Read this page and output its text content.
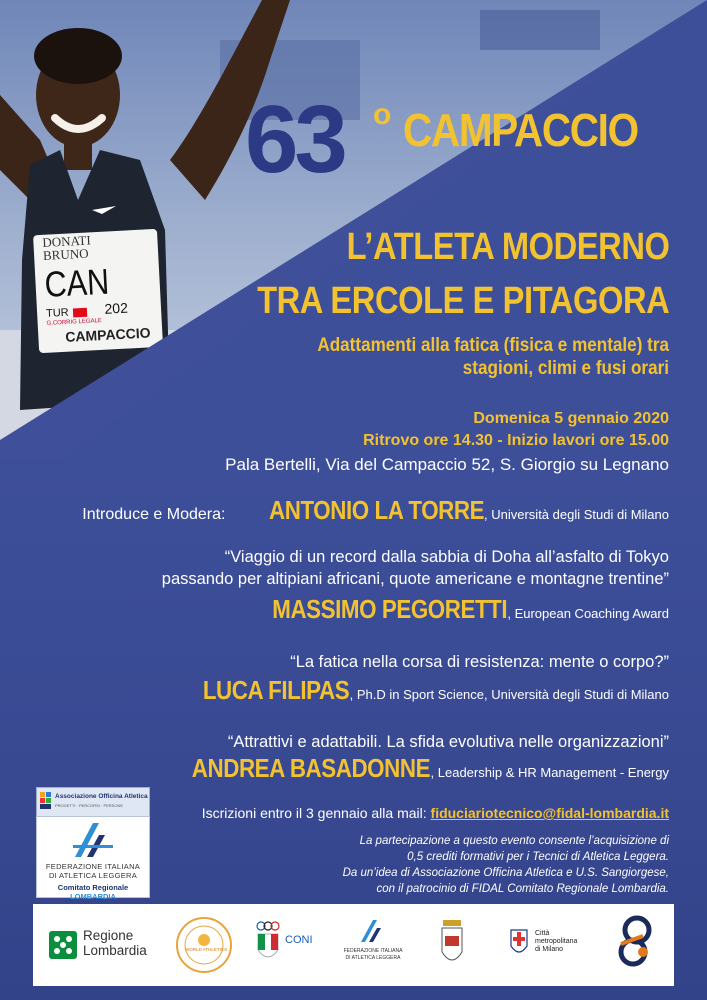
DONATI
BRUNO
CAN
TUR	202
G.CORRIG LEGALE
CAMPACCIO
63 o CAMPACCIO
L’ATLETA MODERNO
TRA ERCOLE E PITAGORA
Adattamenti alla fatica (fisica e mentale) tra
stagioni, climi e fusi orari
Domenica 5 gennaio 2020
Ritrovo ore 14.30 - Inizio lavori ore 15.00
Pala Bertelli, Via del Campaccio 52, S. Giorgio su Legnano
Introduce e Modera: ANTONIO LA TORRE, Università degli Studi di Milano
“Viaggio di un record dalla sabbia di Doha all’asfalto di Tokyo
passando per altipiani africani, quote americane e montagne trentine”
MASSIMO PEGORETTI, European Coaching Award
“La fatica nella corsa di resistenza: mente o corpo?”
LUCA FILIPAS, Ph.D in Sport Science, Università degli Studi di Milano
“Attrattivi e adattabili. La sfida evolutiva nelle organizzazioni”
ANDREA BASADONNE, Leadership & HR Management - Energy
Iscrizioni entro il 3 gennaio alla mail: fiduciariotecnico@fidal-lombardia.it
La partecipazione a questo evento consente l’acquisizione di
0,5 crediti formativi per i Tecnici di Atletica Leggera.
Da un’idea di Associazione Officina Atletica e U.S. Sangiorgese,
con il patrocinio di FIDAL Comitato Regionale Lombardia.
Associazione Officina Atletica
PROGETTI · PERCORSI · PERSONE
FEDERAZIONE ITALIANA
DI ATLETICA LEGGERA
Comitato Regionale LOMBARDIA
Regione
Lombardia	WORLD ATHLETICS
CONI
FEDERAZIONE ITALIANA
DI ATLETICA LEGGERA
Città
metropolitana
di Milano
